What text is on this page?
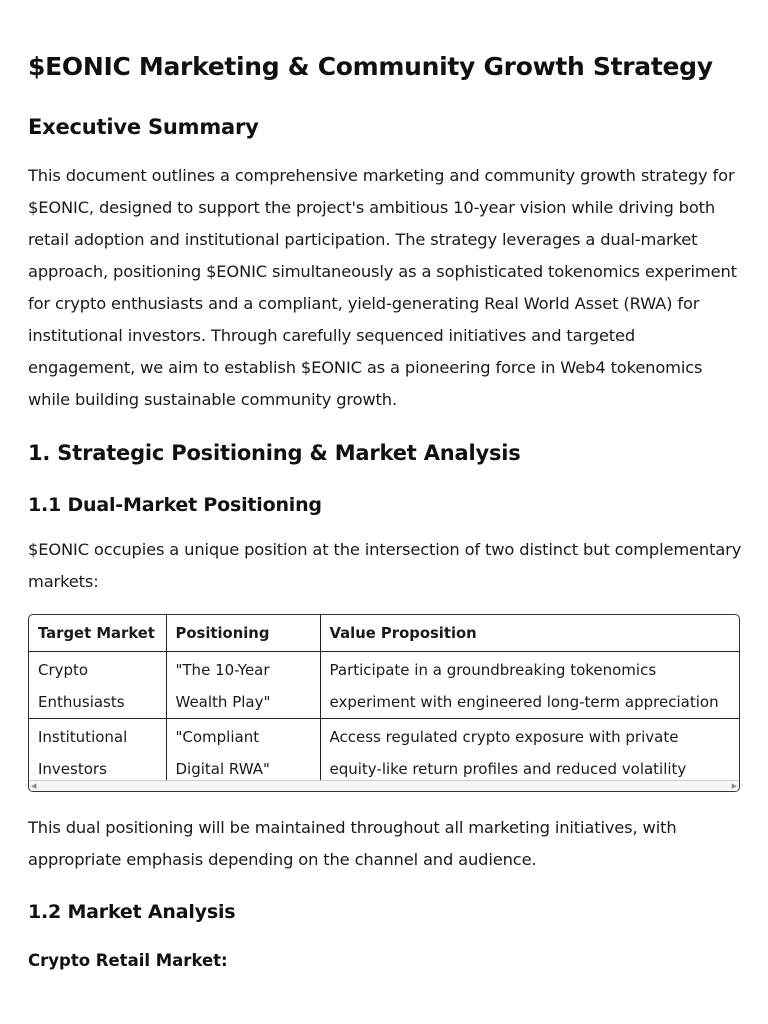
$EONIC Marketing & Community Growth Strategy
Executive Summary

This document outlines a comprehensive marketing and community growth strategy for $EONIC, designed to support the project's ambitious 10-year vision while driving both retail adoption and institutional participation. The strategy leverages a dual-market approach, positioning $EONIC simultaneously as a sophisticated tokenomics experiment for crypto enthusiasts and a compliant, yield-generating Real World Asset (RWA) for institutional investors. Through carefully sequenced initiatives and targeted engagement, we aim to establish $EONIC as a pioneering force in Web4 tokenomics while building sustainable community growth.

1. Strategic Positioning & Market Analysis
1.1 Dual-Market Positioning

$EONIC occupies a unique position at the intersection of two distinct but complementary markets:

Target Market	Positioning	Value Proposition
Crypto Enthusiasts	"The 10-Year Wealth Play"	Participate in a groundbreaking tokenomics experiment with engineered long-term appreciation
Institutional Investors	"Compliant Digital RWA"	Access regulated crypto exposure with private equity-like return profiles and reduced volatility
◀	▶

This dual positioning will be maintained throughout all marketing initiatives, with appropriate emphasis depending on the channel and audience.

1.2 Market Analysis
Crypto Retail Market:
